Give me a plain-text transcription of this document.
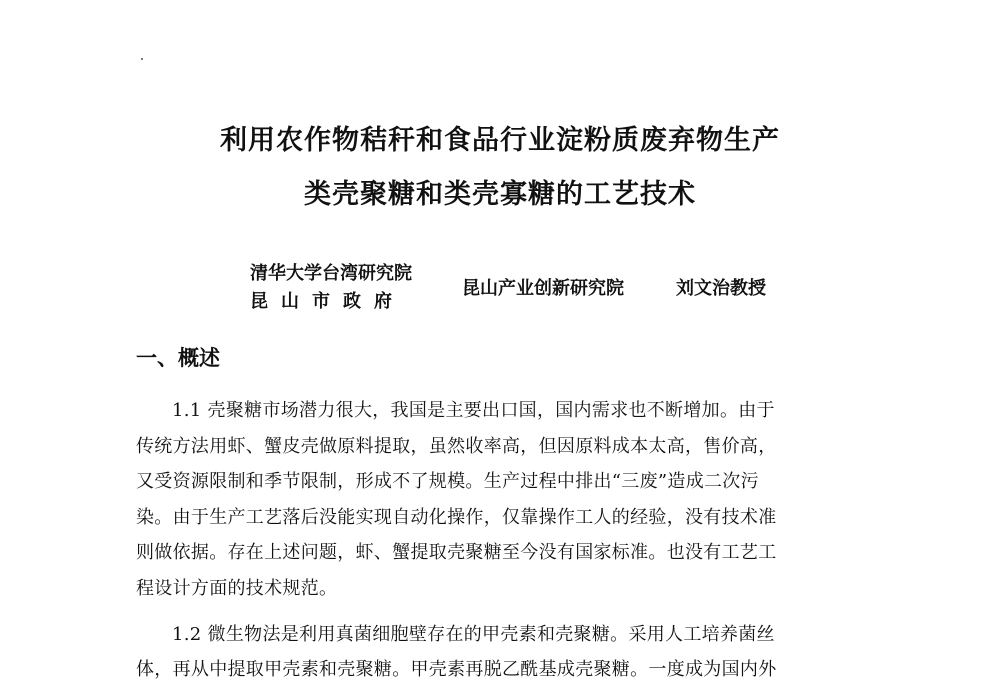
利用农作物秸秆和食品行业淀粉质废弃物生产
类壳聚糖和类壳寡糖的工艺技术
清华大学台湾研究院
昆山市政府
昆山产业创新研究院	刘文治教授
一、概述
1.1 壳聚糖市场潜力很大，我国是主要出口国，国内需求也不断增加。由于
传统方法用虾、蟹皮壳做原料提取，虽然收率高，但因原料成本太高，售价高，
又受资源限制和季节限制，形成不了规模。生产过程中排出“三废”造成二次污
染。由于生产工艺落后没能实现自动化操作，仅靠操作工人的经验，没有技术准
则做依据。存在上述问题，虾、蟹提取壳聚糖至今没有国家标准。也没有工艺工
程设计方面的技术规范。
1.2 微生物法是利用真菌细胞壁存在的甲壳素和壳聚糖。采用人工培养菌丝
体，再从中提取甲壳素和壳聚糖。甲壳素再脱乙酰基成壳聚糖。一度成为国内外
